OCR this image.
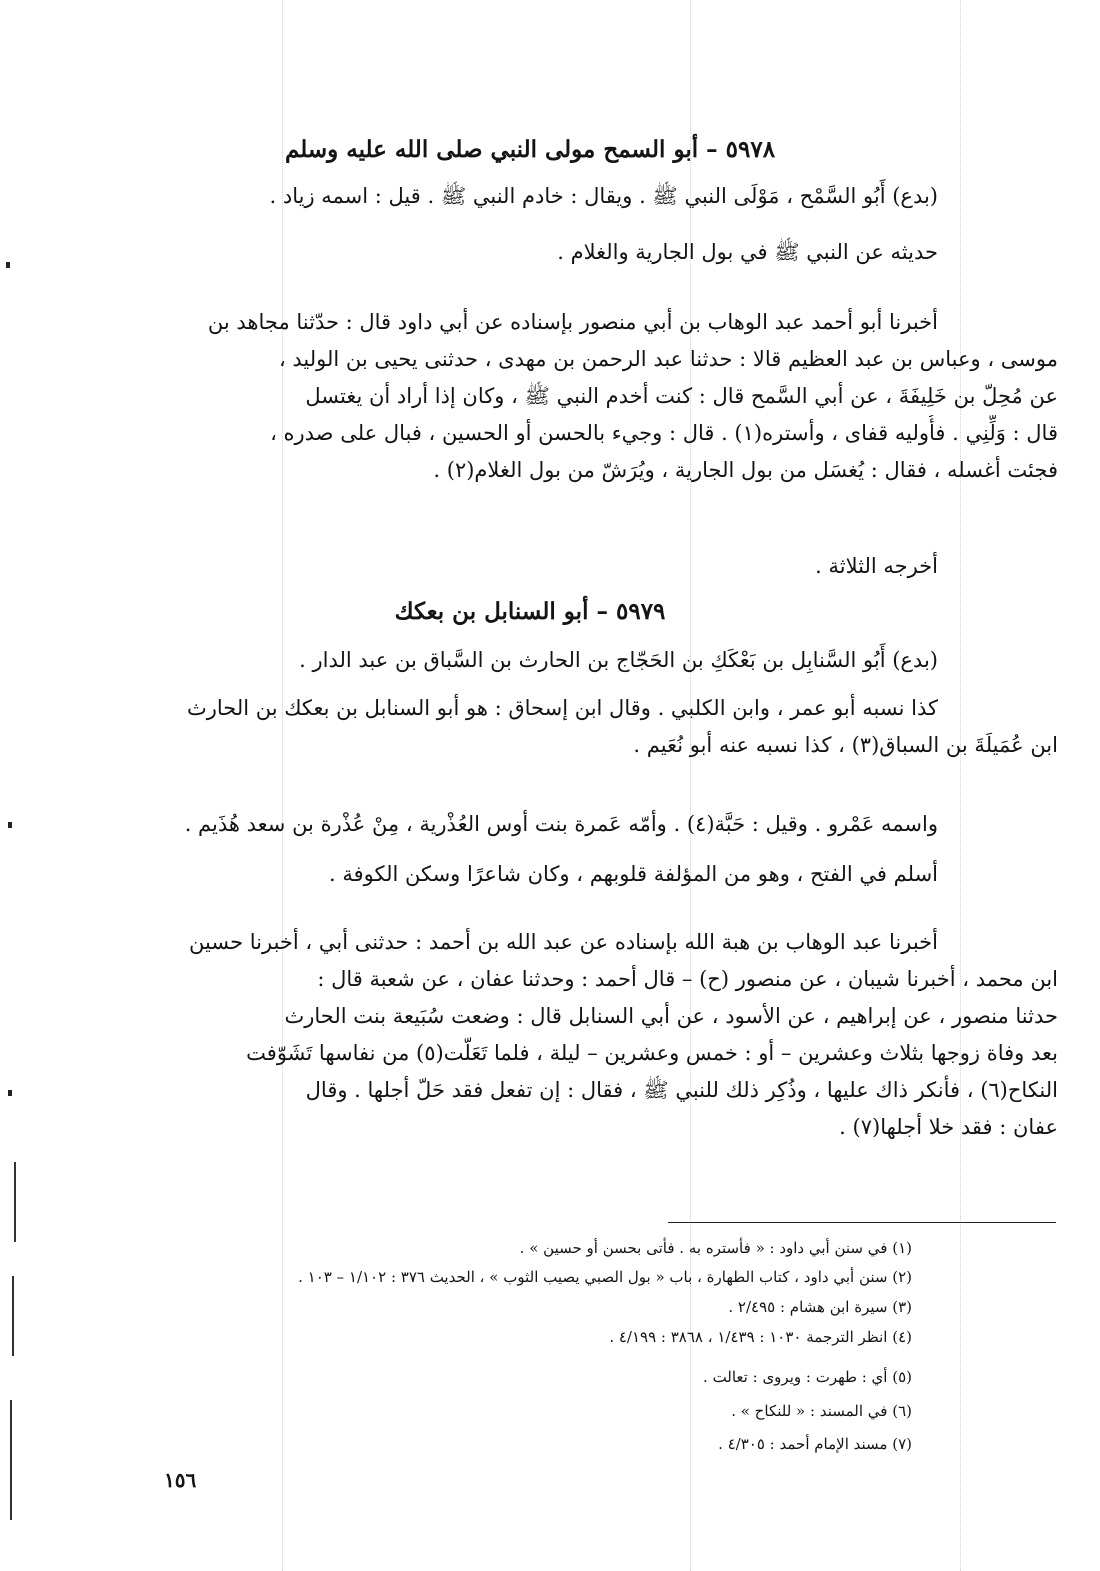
٥٩٧٨ – أبو السمح مولى النبي صلى الله عليه وسلم
(بدع) أَبُو السَّمْح ، مَوْلَى النبي ﷺ . ويقال : خادم النبي ﷺ . قيل : اسمه زياد .
حديثه عن النبي ﷺ في بول الجارية والغلام .
أخبرنا أبو أحمد عبد الوهاب بن أبي منصور بإسناده عن أبي داود قال : حدّثنا مجاهد بن
موسى ، وعباس بن عبد العظيم قالا : حدثنا عبد الرحمن بن مهدى ، حدثنى يحيى بن الوليد ،
عن مُحِلّ بن خَلِيفَةَ ، عن أبي السَّمح قال : كنت أخدم النبي ﷺ ، وكان إذا أراد أن يغتسل
قال : وَلِّنِي . فأُوليه قفاى ، وأستره(١) . قال : وجيء بالحسن أو الحسين ، فبال على صدره ،
فجئت أغسله ، فقال : يُغسَل من بول الجارية ، ويُرَشّ من بول الغلام(٢) .
أخرجه الثلاثة .
٥٩٧٩ – أبو السنابل بن بعكك
(بدع) أَبُو السَّنابِل بن بَعْكَكِ بن الحَجّاج بن الحارث بن السَّباق بن عبد الدار .
كذا نسبه أبو عمر ، وابن الكلبي . وقال ابن إسحاق : هو أبو السنابل بن بعكك بن الحارث
ابن عُمَيلَةَ بن السباق(٣) ، كذا نسبه عنه أبو نُعَيم .
واسمه عَمْرو . وقيل : حَبَّة(٤) . وأمّه عَمرة بنت أوس العُذْرية ، مِنْ عُذْرة بن سعد هُذَيم .
أسلم في الفتح ، وهو من المؤلفة قلوبهم ، وكان شاعرًا وسكن الكوفة .
أخبرنا عبد الوهاب بن هبة الله بإسناده عن عبد الله بن أحمد : حدثنى أبي ، أخبرنا حسين
ابن محمد ، أخبرنا شيبان ، عن منصور (ح) – قال أحمد : وحدثنا عفان ، عن شعبة قال :
حدثنا منصور ، عن إبراهيم ، عن الأسود ، عن أبي السنابل قال : وضعت سُبَيعة بنت الحارث
بعد وفاة زوجها بثلاث وعشرين – أو : خمس وعشرين – ليلة ، فلما تَعَلّت(٥) من نفاسها تَشَوّفت
النكاح(٦) ، فأنكر ذاك عليها ، وذُكِر ذلك للنبي ﷺ ، فقال : إن تفعل فقد حَلّ أجلها . وقال
عفان : فقد خلا أجلها(٧) .
(١) في سنن أبي داود : « فأستره به . فأتى بحسن أو حسين » .
(٢) سنن أبي داود ، كتاب الطهارة ، باب « بول الصبي يصيب الثوب » ، الحديث ٣٧٦ : ١/١٠٢ – ١٠٣ .
(٣) سيرة ابن هشام : ٢/٤٩٥ .
(٤) انظر الترجمة ١٠٣٠ : ١/٤٣٩ ، ٣٨٦٨ : ٤/١٩٩ .
(٥) أي : طهرت : ويروى : تعالت .
(٦) في المسند : « للنكاح » .
(٧) مسند الإمام أحمد : ٤/٣٠٥ .
١٥٦
